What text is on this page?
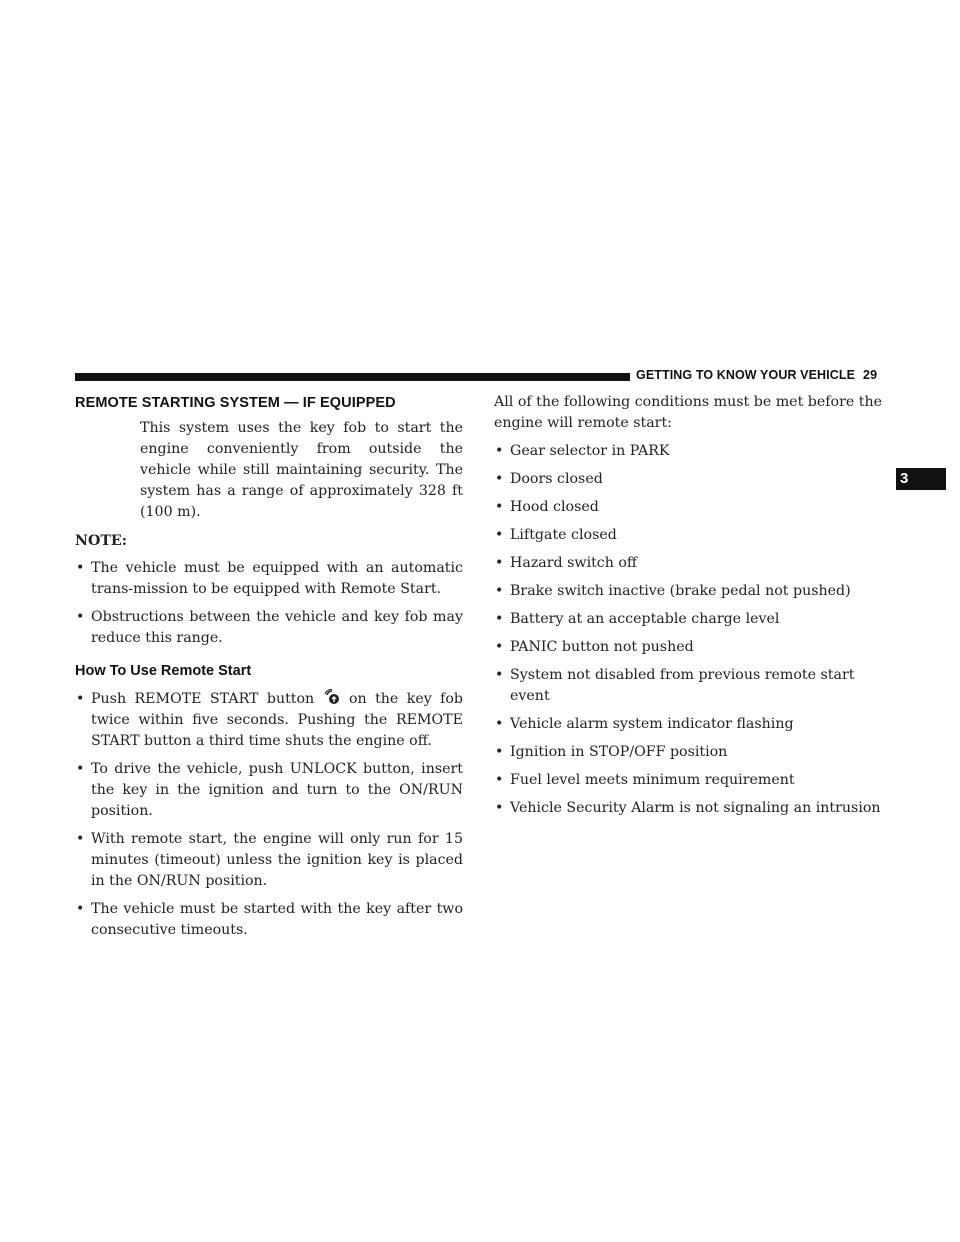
GETTING TO KNOW YOUR VEHICLE 29
3
REMOTE STARTING SYSTEM — IF EQUIPPED

This system uses the key fob to start the engine conveniently from outside the vehicle while still maintaining security. The system has a range of approximately 328 ft (100 m).

NOTE:
• The vehicle must be equipped with an automatic trans-mission to be equipped with Remote Start.
• Obstructions between the vehicle and key fob may reduce this range.
How To Use Remote Start
• Push REMOTE START button on the key fob twice within five seconds. Pushing the REMOTE START button a third time shuts the engine off.
• To drive the vehicle, push UNLOCK button, insert the key in the ignition and turn to the ON/RUN position.
• With remote start, the engine will only run for 15 minutes (timeout) unless the ignition key is placed in the ON/RUN position.
• The vehicle must be started with the key after two consecutive timeouts.

All of the following conditions must be met before the engine will remote start:

• Gear selector in PARK
• Doors closed
• Hood closed
• Liftgate closed
• Hazard switch off
• Brake switch inactive (brake pedal not pushed)
• Battery at an acceptable charge level
• PANIC button not pushed
• System not disabled from previous remote start event
• Vehicle alarm system indicator flashing
• Ignition in STOP/OFF position
• Fuel level meets minimum requirement
• Vehicle Security Alarm is not signaling an intrusion
